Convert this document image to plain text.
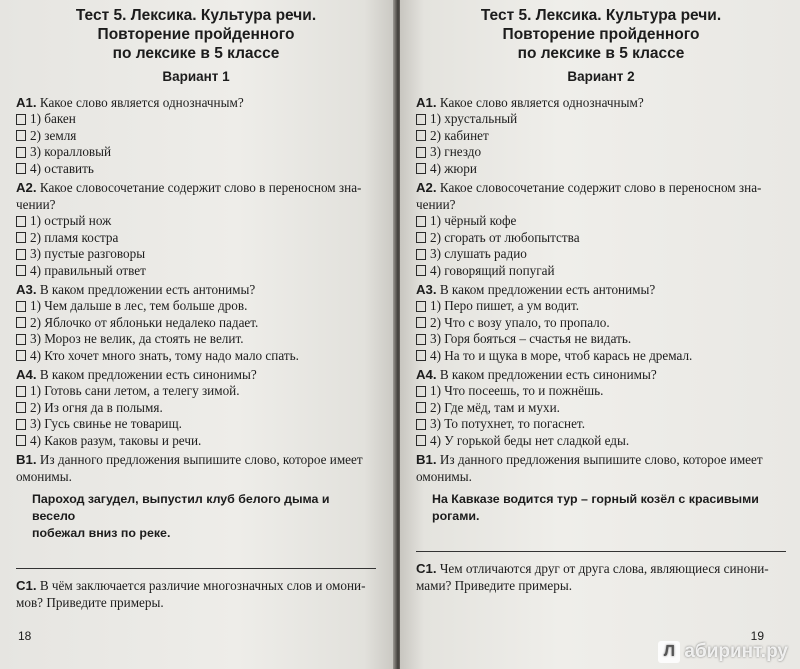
Тест 5. Лексика. Культура речи.

Повторение пройденного

по лексике в 5 классе

Вариант 1
А1. Какое слово является однозначным?
1) бакен
2) земля
3) коралловый
4) оставить
А2. Какое словосочетание содержит слово в переносном зна-
чении?
1) острый нож
2) пламя костра
3) пустые разговоры
4) правильный ответ
А3. В каком предложении есть антонимы?
1) Чем дальше в лес, тем больше дров.
2) Яблочко от яблоньки недалеко падает.
3) Мороз не велик, да стоять не велит.
4) Кто хочет много знать, тому надо мало спать.
А4. В каком предложении есть синонимы?
1) Готовь сани летом, а телегу зимой.
2) Из огня да в полымя.
3) Гусь свинье не товарищ.
4) Каков разум, таковы и речи.
В1. Из данного предложения выпишите слово, которое имеет
омонимы.
Пароход загудел, выпустил клуб белого дыма и весело
побежал вниз по реке.
С1. В чём заключается различие многозначных слов и омони-
мов? Приведите примеры.
18

Тест 5. Лексика. Культура речи.

Повторение пройденного

по лексике в 5 классе

Вариант 2
А1. Какое слово является однозначным?
1) хрустальный
2) кабинет
3) гнездо
4) жюри
А2. Какое словосочетание содержит слово в переносном зна-
чении?
1) чёрный кофе
2) сгорать от любопытства
3) слушать радио
4) говорящий попугай
А3. В каком предложении есть антонимы?
1) Перо пишет, а ум водит.
2) Что с возу упало, то пропало.
3) Горя бояться – счастья не видать.
4) На то и щука в море, чтоб карась не дремал.
А4. В каком предложении есть синонимы?
1) Что посеешь, то и пожнёшь.
2) Где мёд, там и мухи.
3) То потухнет, то погаснет.
4) У горькой беды нет сладкой еды.
В1. Из данного предложения выпишите слово, которое имеет
омонимы.
На Кавказе водится тур – горный козёл с красивыми
рогами.
С1. Чем отличаются друг от друга слова, являющиеся синони-
мами? Приведите примеры.
19
Л абиринт.ру
